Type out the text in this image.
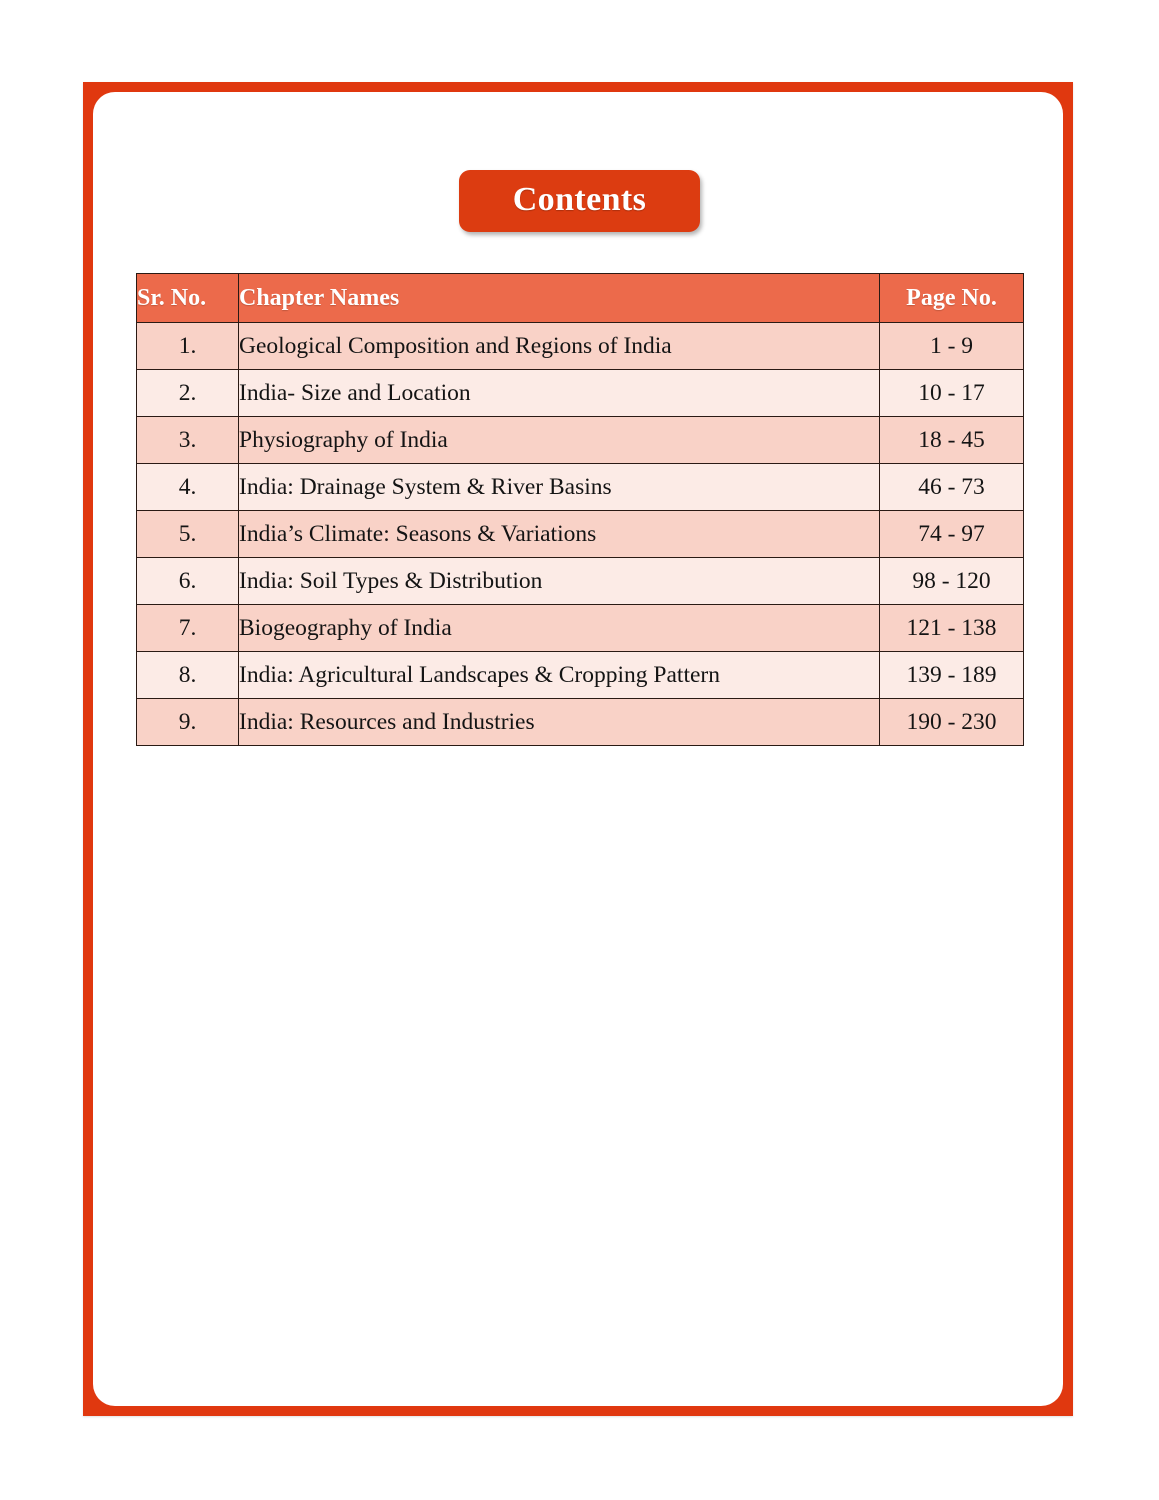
Contents
Sr. No.	Chapter Names	Page No.
1.	Geological Composition and Regions of India	1 - 9
2.	India- Size and Location	10 - 17
3.	Physiography of India	18 - 45
4.	India: Drainage System & River Basins	46 - 73
5.	India’s Climate: Seasons & Variations	74 - 97
6.	India: Soil Types & Distribution	98 - 120
7.	Biogeography of India	121 - 138
8.	India: Agricultural Landscapes & Cropping Pattern	139 - 189
9.	India: Resources and Industries	190 - 230
